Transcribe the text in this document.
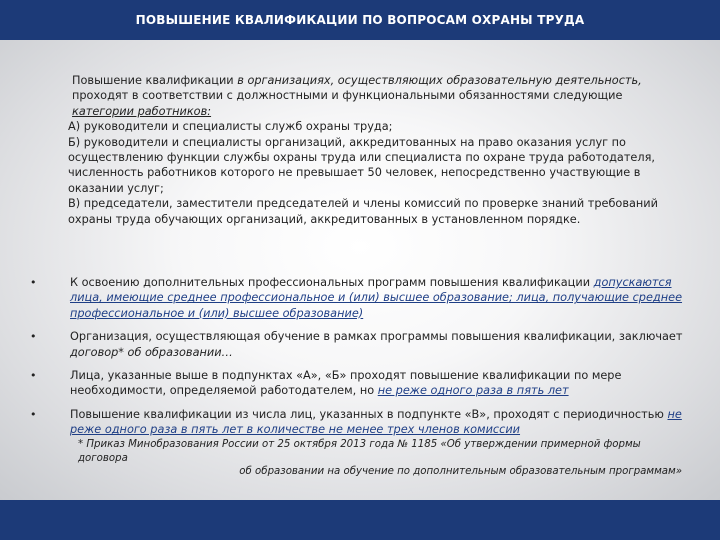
ПОВЫШЕНИЕ КВАЛИФИКАЦИИ ПО ВОПРОСАМ ОХРАНЫ ТРУДА

Повышение квалификации в организациях, осуществляющих образовательную деятельность,
проходят в соответствии с должностными и функциональными обязанностями следующие
категории работников:

А) руководители и специалисты служб охраны труда;

Б) руководители и специалисты организаций, аккредитованных на право оказания услуг по осуществлению функции службы охраны труда или специалиста по охране труда работодателя, численность работников которого не превышает 50 человек, непосредственно участвующие в оказании услуг;

В) председатели, заместители председателей и члены комиссий по проверке знаний требований охраны труда обучающих организаций, аккредитованных в установленном порядке.

•	К освоению дополнительных профессиональных программ повышения квалификации допускаются лица, имеющие среднее профессиональное и (или) высшее образование; лица, получающие среднее профессиональное и (или) высшее образование)
•	Организация, осуществляющая обучение в рамках программы повышения квалификации, заключает договор* об образовании…
•	Лица, указанные выше в подпунктах «А», «Б» проходят повышение квалификации по мере необходимости, определяемой работодателем, но не реже одного раза в пять лет
•	Повышение квалификации из числа лиц, указанных в подпункте «В», проходят с периодичностью не реже одного раза в пять лет в количестве не менее трех членов комиссии
* Приказ Минобразования России от 25 октября 2013 года № 1185 «Об утверждении примерной формы договора
об образовании на обучение по дополнительным образовательным программам»
